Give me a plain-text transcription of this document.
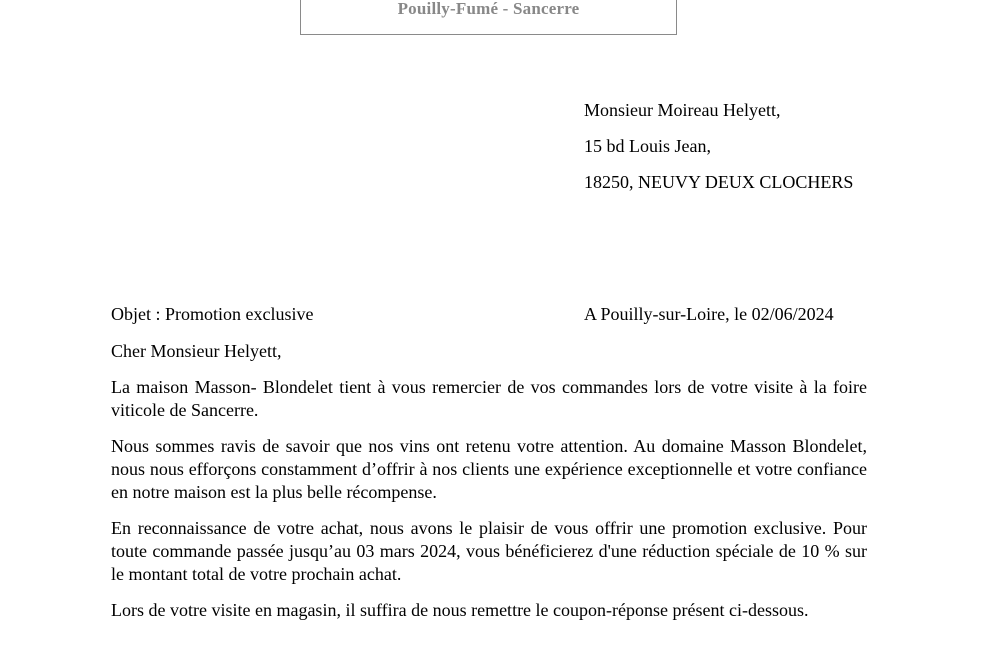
Pouilly-Fumé - Sancerre
Monsieur Moireau Helyett,
15 bd Louis Jean,
18250, NEUVY DEUX CLOCHERS
Objet : Promotion exclusive	A Pouilly-sur-Loire, le 02/06/2024

Cher Monsieur Helyett,

La maison Masson- Blondelet tient à vous remercier de vos commandes lors de votre visite à la foire viticole de Sancerre.

Nous sommes ravis de savoir que nos vins ont retenu votre attention. Au domaine Masson Blondelet, nous nous efforçons constamment d’offrir à nos clients une expérience exceptionnelle et votre confiance en notre maison est la plus belle récompense.

En reconnaissance de votre achat, nous avons le plaisir de vous offrir une promotion exclusive. Pour toute commande passée jusqu’au 03 mars 2024, vous bénéficierez d'une réduction spéciale de 10 % sur le montant total de votre prochain achat.

Lors de votre visite en magasin, il suffira de nous remettre le coupon-réponse présent ci-dessous.
